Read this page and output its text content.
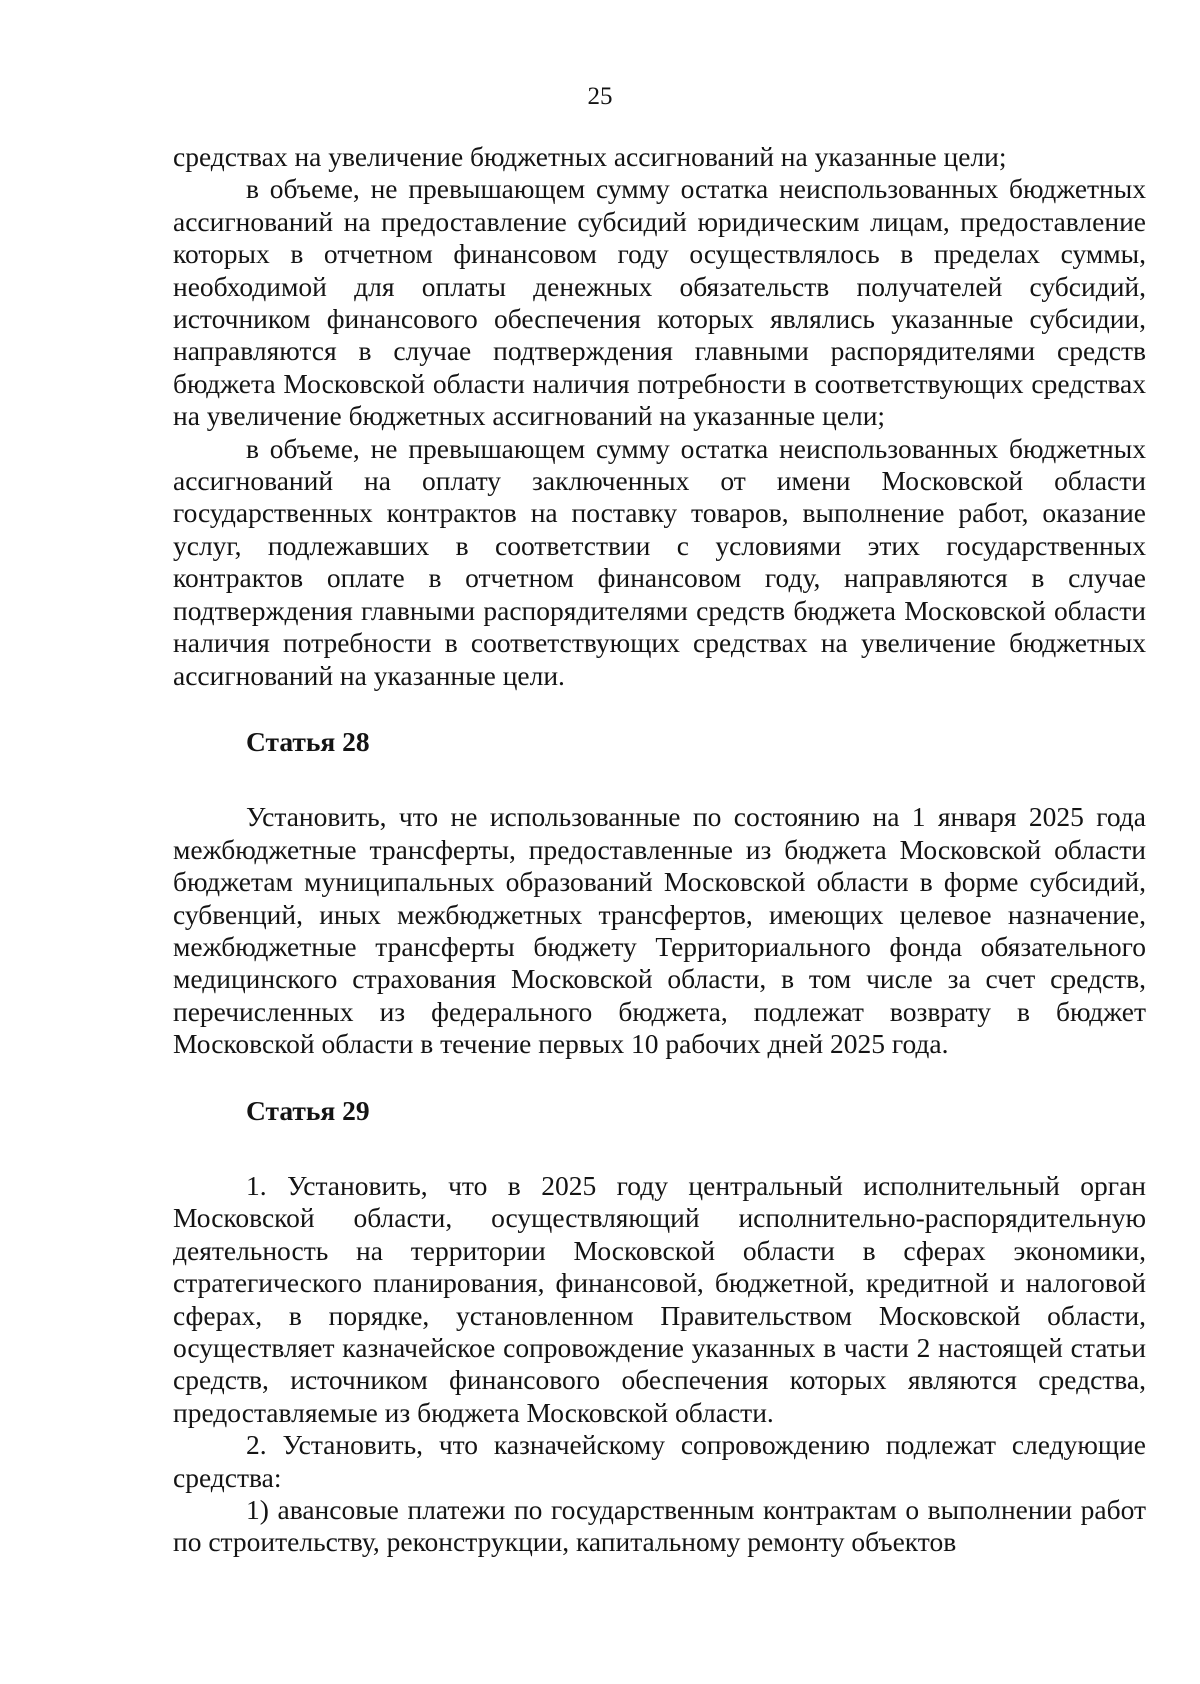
25

средствах на увеличение бюджетных ассигнований на указанные цели;

в объеме, не превышающем сумму остатка неиспользованных бюджетных ассигнований на предоставление субсидий юридическим лицам, предоставление которых в отчетном финансовом году осуществлялось в пределах суммы, необходимой для оплаты денежных обязательств получателей субсидий, источником финансового обеспечения которых являлись указанные субсидии, направляются в случае подтверждения главными распорядителями средств бюджета Московской области наличия потребности в соответствующих средствах на увеличение бюджетных ассигнований на указанные цели;

в объеме, не превышающем сумму остатка неиспользованных бюджетных ассигнований на оплату заключенных от имени Московской области государственных контрактов на поставку товаров, выполнение работ, оказание услуг, подлежавших в соответствии с условиями этих государственных контрактов оплате в отчетном финансовом году, направляются в случае подтверждения главными распорядителями средств бюджета Московской области наличия потребности в соответствующих средствах на увеличение бюджетных ассигнований на указанные цели.

Статья 28

Установить, что не использованные по состоянию на 1 января 2025 года межбюджетные трансферты, предоставленные из бюджета Московской области бюджетам муниципальных образований Московской области в форме субсидий, субвенций, иных межбюджетных трансфертов, имеющих целевое назначение, межбюджетные трансферты бюджету Территориального фонда обязательного медицинского страхования Московской области, в том числе за счет средств, перечисленных из федерального бюджета, подлежат возврату в бюджет Московской области в течение первых 10 рабочих дней 2025 года.

Статья 29

1. Установить, что в 2025 году центральный исполнительный орган Московской области, осуществляющий исполнительно-распорядительную деятельность на территории Московской области в сферах экономики, стратегического планирования, финансовой, бюджетной, кредитной и налоговой сферах, в порядке, установленном Правительством Московской области, осуществляет казначейское сопровождение указанных в части 2 настоящей статьи средств, источником финансового обеспечения которых являются средства, предоставляемые из бюджета Московской области.

2. Установить, что казначейскому сопровождению подлежат следующие средства:

1) авансовые платежи по государственным контрактам о выполнении работ по строительству, реконструкции, капитальному ремонту объектов
